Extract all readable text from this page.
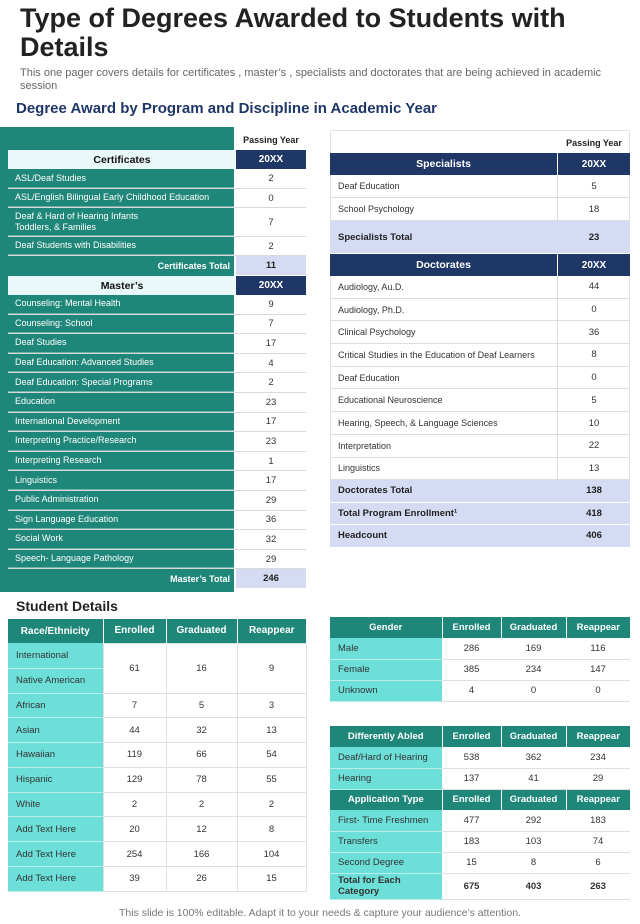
Type of Degrees Awarded to Students with Details
This one pager covers details for certificates , master’s , specialists and doctorates that are being achieved in academic session
Degree Award by Program and Discipline in Academic Year
Passing Year
Certificates	20XX
ASL/Deaf Studies	2
ASL/English Bilingual Early Childhood Education	0
Deaf & Hard of Hearing Infants Toddlers, & Families	7
Deaf Students with Disabilities	2
Certificates Total	11
Master’s	20XX
Counseling: Mental Health	9
Counseling: School	7
Deaf Studies	17
Deaf Education: Advanced Studies	4
Deaf Education: Special Programs	2
Education	23
International Development	17
Interpreting Practice/Research	23
Interpreting Research	1
Linguistics	17
Public Administration	29
Sign Language Education	36
Social Work	32
Speech- Language Pathology	29
Master’s Total	246
Passing Year
Specialists	20XX
Deaf Education	5
School Psychology	18
Specialists Total	23
Doctorates	20XX
Audiology, Au.D.	44
Audiology, Ph.D.	0
Clinical Psychology	36
Critical Studies in the Education of Deaf Learners	8
Deaf Education	0
Educational Neuroscience	5
Hearing, Speech, & Language Sciences	10
Interpretation	22
Linguistics	13
Doctorates Total	138
Total Program Enrollment¹	418
Headcount	406
Student Details
Race/Ethnicity	Enrolled	Graduated	Reappear
International	61	16	9
Native American			
African	7	5	3
Asian	44	32	13
Hawaiian	119	66	54
Hispanic	129	78	55
White	2	2	2
Add Text Here	20	12	8
Add Text Here	254	166	104
Add Text Here	39	26	15
Gender	Enrolled	Graduated	Reappear
Male	286	169	116
Female	385	234	147
Unknown	4	0	0
Differently Abled	Enrolled	Graduated	Reappear
Deaf/Hard of Hearing	538	362	234
Hearing	137	41	29
Application Type	Enrolled	Graduated	Reappear
First- Time Freshmen	477	292	183
Transfers	183	103	74
Second Degree	15	8	6
Total for Each Category	675	403	263
This slide is 100% editable. Adapt it to your needs & capture your audience’s attention.
